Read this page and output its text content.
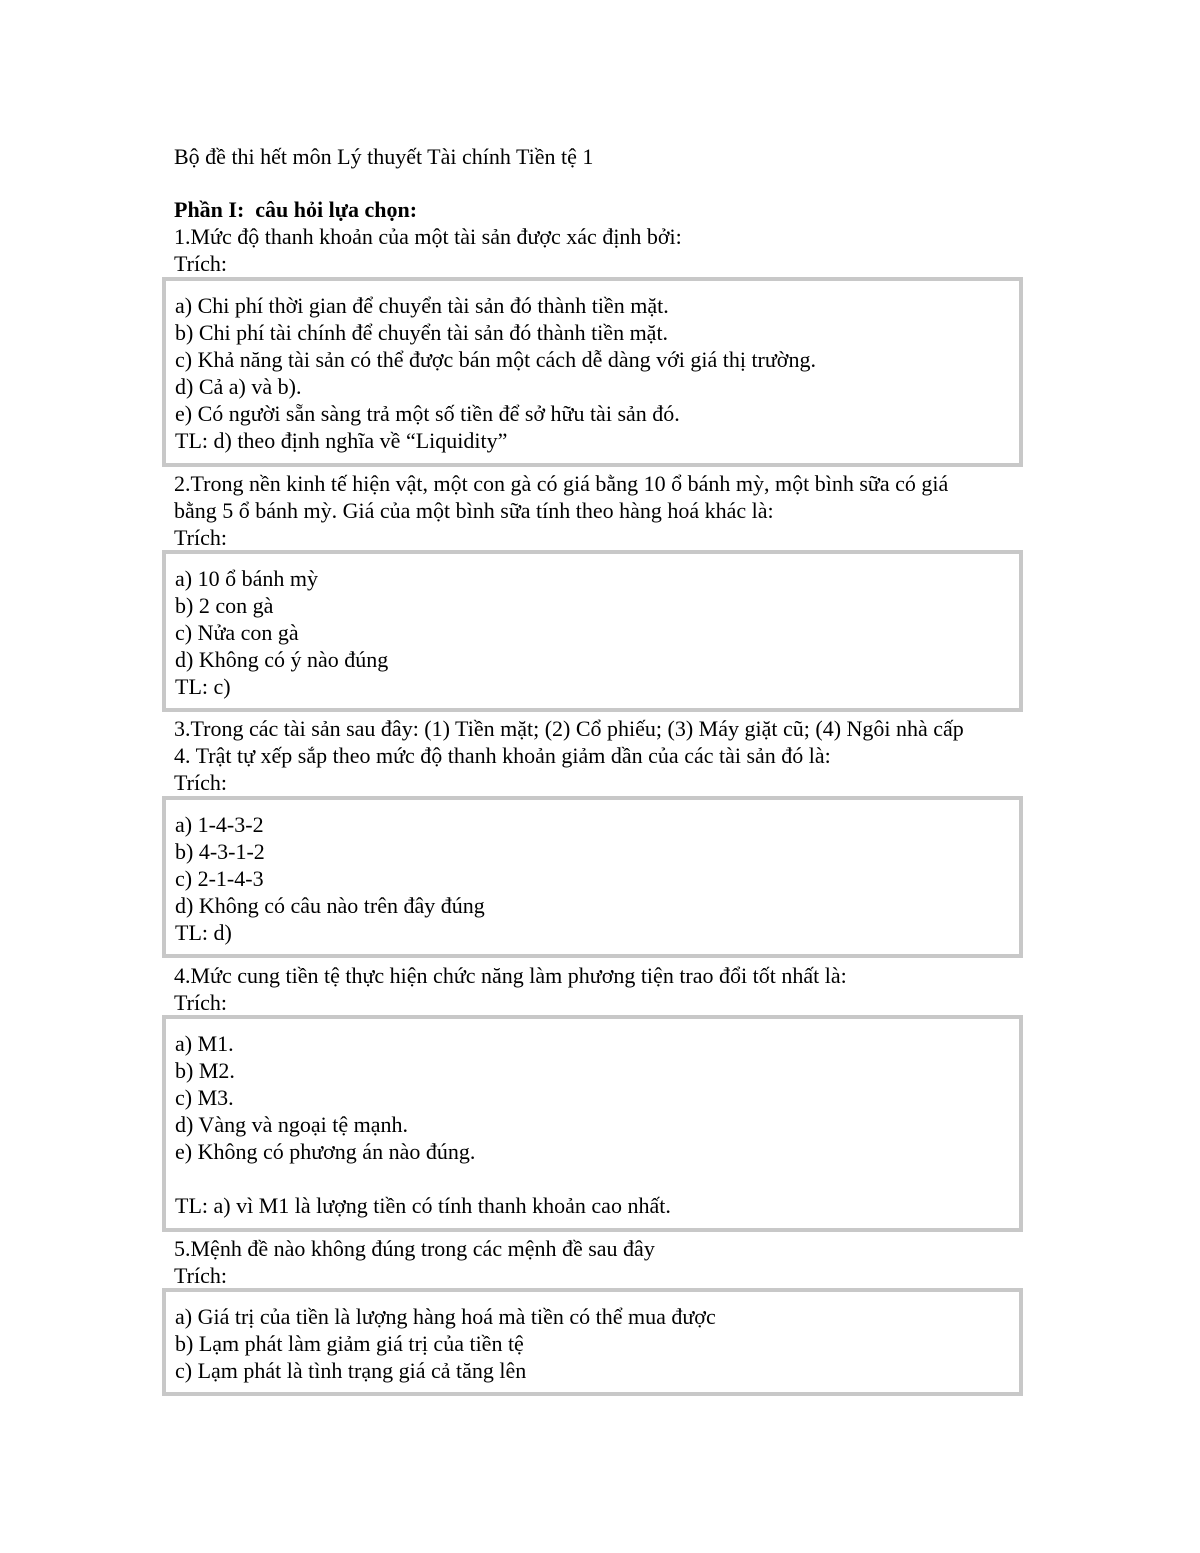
Bộ đề thi hết môn Lý thuyết Tài chính Tiền tệ 1
Phần I:  câu hỏi lựa chọn:
1.Mức độ thanh khoản của một tài sản được xác định bởi:
Trích:
a) Chi phí thời gian để chuyển tài sản đó thành tiền mặt.
b) Chi phí tài chính để chuyển tài sản đó thành tiền mặt.
c) Khả năng tài sản có thể được bán một cách dễ dàng với giá thị trường.
d) Cả a) và b).
e) Có người sẵn sàng trả một số tiền để sở hữu tài sản đó.
TL: d) theo định nghĩa về “Liquidity”
2.Trong nền kinh tế hiện vật, một con gà có giá bằng 10 ổ bánh mỳ, một bình sữa có giá
bằng 5 ổ bánh mỳ. Giá của một bình sữa tính theo hàng hoá khác là:
Trích:
a) 10 ổ bánh mỳ
b) 2 con gà
c) Nửa con gà
d) Không có ý nào đúng
TL: c)
3.Trong các tài sản sau đây: (1) Tiền mặt; (2) Cổ phiếu; (3) Máy giặt cũ; (4) Ngôi nhà cấp
4. Trật tự xếp sắp theo mức độ thanh khoản giảm dần của các tài sản đó là:
Trích:
a) 1-4-3-2
b) 4-3-1-2
c) 2-1-4-3
d) Không có câu nào trên đây đúng
TL: d)
4.Mức cung tiền tệ thực hiện chức năng làm phương tiện trao đổi tốt nhất là:
Trích:
a) M1.
b) M2.
c) M3.
d) Vàng và ngoại tệ mạnh.
e) Không có phương án nào đúng.

TL: a) vì M1 là lượng tiền có tính thanh khoản cao nhất.
5.Mệnh đề nào không đúng trong các mệnh đề sau đây
Trích:
a) Giá trị của tiền là lượng hàng hoá mà tiền có thể mua được
b) Lạm phát làm giảm giá trị của tiền tệ
c) Lạm phát là tình trạng giá cả tăng lên
